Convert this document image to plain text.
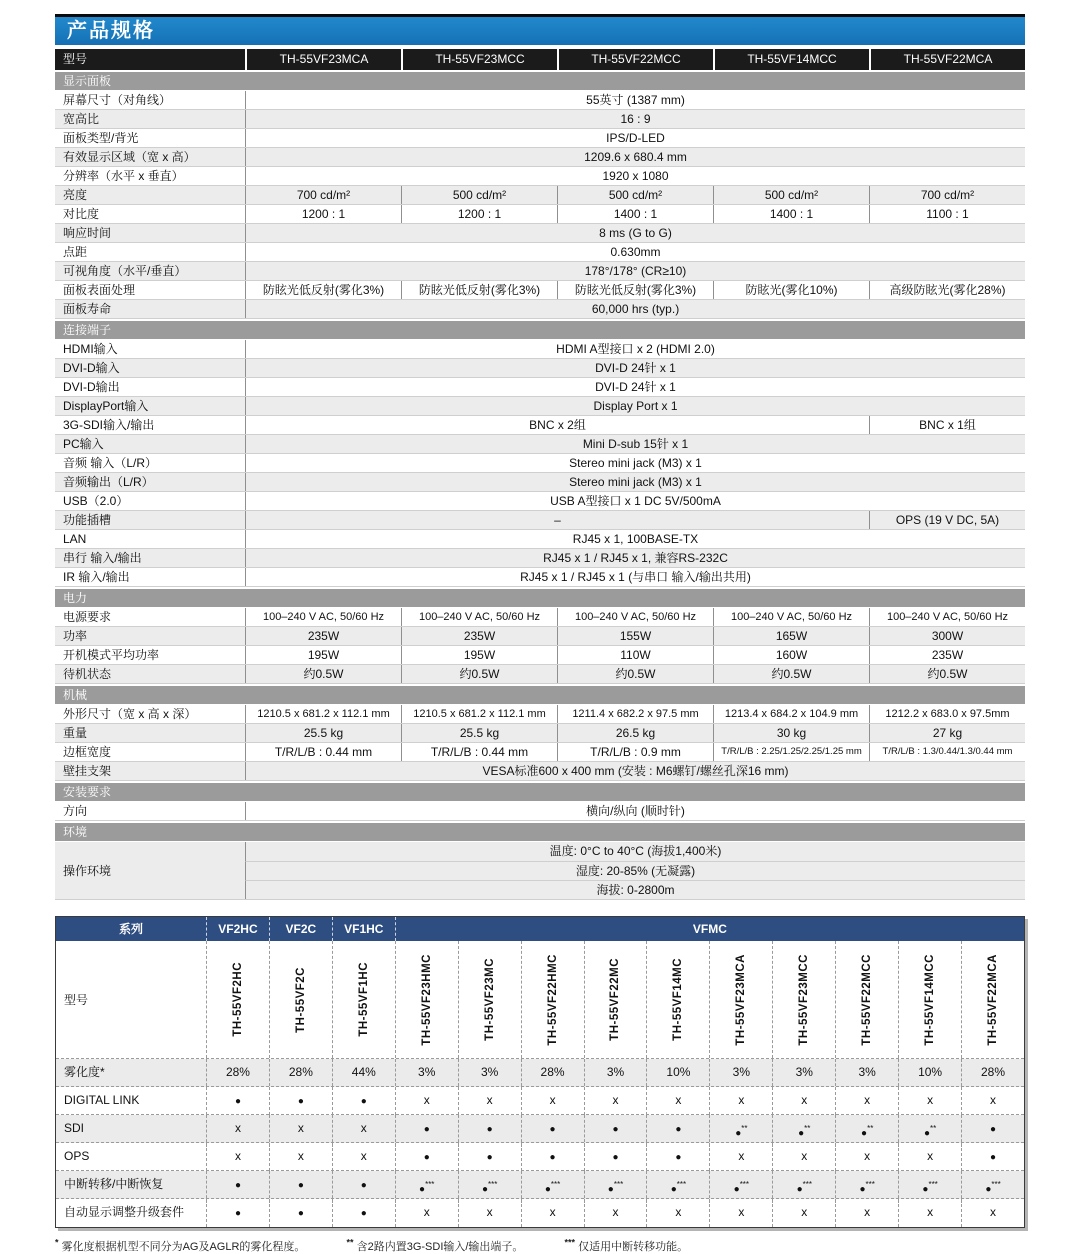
产品规格
型号	TH-55VF23MCA	TH-55VF23MCC	TH-55VF22MCC	TH-55VF14MCC	TH-55VF22MCA
显示面板
屏幕尺寸（对角线）	55英寸 (1387 mm)
宽高比	16 : 9
面板类型/背光	IPS/D-LED
有效显示区域（宽 x 高）	1209.6 x 680.4 mm
分辨率（水平 x 垂直）	1920 x 1080
亮度	700 cd/m²	500 cd/m²	500 cd/m²	500 cd/m²	700 cd/m²
对比度	1200 : 1	1200 : 1	1400 : 1	1400 : 1	1100 : 1
响应时间	8 ms (G to G)
点距	0.630mm
可视角度（水平/垂直）	178°/178° (CR≥10)
面板表面处理	防眩光低反射(雾化3%)	防眩光低反射(雾化3%)	防眩光低反射(雾化3%)	防眩光(雾化10%)	高级防眩光(雾化28%)
面板寿命	60,000 hrs (typ.)
连接端子
HDMI输入	HDMI A型接口 x 2 (HDMI 2.0)
DVI-D输入	DVI-D 24针 x 1
DVI-D输出	DVI-D 24针 x 1
DisplayPort输入	Display Port x 1
3G-SDI输入/输出	BNC x 2组	BNC x 1组
PC输入	Mini D-sub 15针 x 1
音频 输入（L/R）	Stereo mini jack (M3) x 1
音频输出（L/R）	Stereo mini jack (M3) x 1
USB（2.0）	USB A型接口 x 1 DC 5V/500mA
功能插槽	–	OPS (19 V DC, 5A)
LAN	RJ45 x 1, 100BASE-TX
串行 输入/输出	RJ45 x 1 / RJ45 x 1, 兼容RS-232C
IR 输入/输出	RJ45 x 1 / RJ45 x 1 (与串口 输入/输出共用)
电力
电源要求	100–240 V AC, 50/60 Hz	100–240 V AC, 50/60 Hz	100–240 V AC, 50/60 Hz	100–240 V AC, 50/60 Hz	100–240 V AC, 50/60 Hz
功率	235W	235W	155W	165W	300W
开机模式平均功率	195W	195W	110W	160W	235W
待机状态	约0.5W	约0.5W	约0.5W	约0.5W	约0.5W
机械
外形尺寸（宽 x 高 x 深）	1210.5 x 681.2 x 112.1 mm	1210.5 x 681.2 x 112.1 mm	1211.4 x 682.2 x 97.5 mm	1213.4 x 684.2 x 104.9 mm	1212.2 x 683.0 x 97.5mm
重量	25.5 kg	25.5 kg	26.5 kg	30 kg	27 kg
边框宽度	T/R/L/B : 0.44 mm	T/R/L/B : 0.44 mm	T/R/L/B : 0.9 mm	T/R/L/B : 2.25/1.25/2.25/1.25 mm	T/R/L/B : 1.3/0.44/1.3/0.44 mm
壁挂支架	VESA标准600 x 400 mm (安装 : M6螺钉/螺丝孔深16 mm)
安装要求
方向	横向/纵向 (顺时针)
环境
操作环境
温度: 0°C to 40°C (海拔1,400米)
湿度: 20-85% (无凝露)
海拔: 0-2800m
系列	VF2HC	VF2C	VF1HC	VFMC
型号	TH-55VF2HC	TH-55VF2C	TH-55VF1HC	TH-55VF23HMC	TH-55VF23MC	TH-55VF22HMC	TH-55VF22MC	TH-55VF14MC	TH-55VF23MCA	TH-55VF23MCC	TH-55VF22MCC	TH-55VF14MCC	TH-55VF22MCA
雾化度*	28%	28%	44%	3%	3%	28%	3%	10%	3%	3%	3%	10%	28%
DIGITAL LINK	●	●	●	x	x	x	x	x	x	x	x	x	x
SDI	x	x	x	●	●	●	●	●	●**	●**	●**	●**	●
OPS	x	x	x	●	●	●	●	●	x	x	x	x	●
中断转移/中断恢复	●	●	●	●***	●***	●***	●***	●***	●***	●***	●***	●***	●***
自动显示调整升级套件	●	●	●	x	x	x	x	x	x	x	x	x	x
* 雾化度根据机型不同分为AG及AGLR的雾化程度。	** 含2路内置3G-SDI输入/输出端子。	*** 仅适用中断转移功能。
